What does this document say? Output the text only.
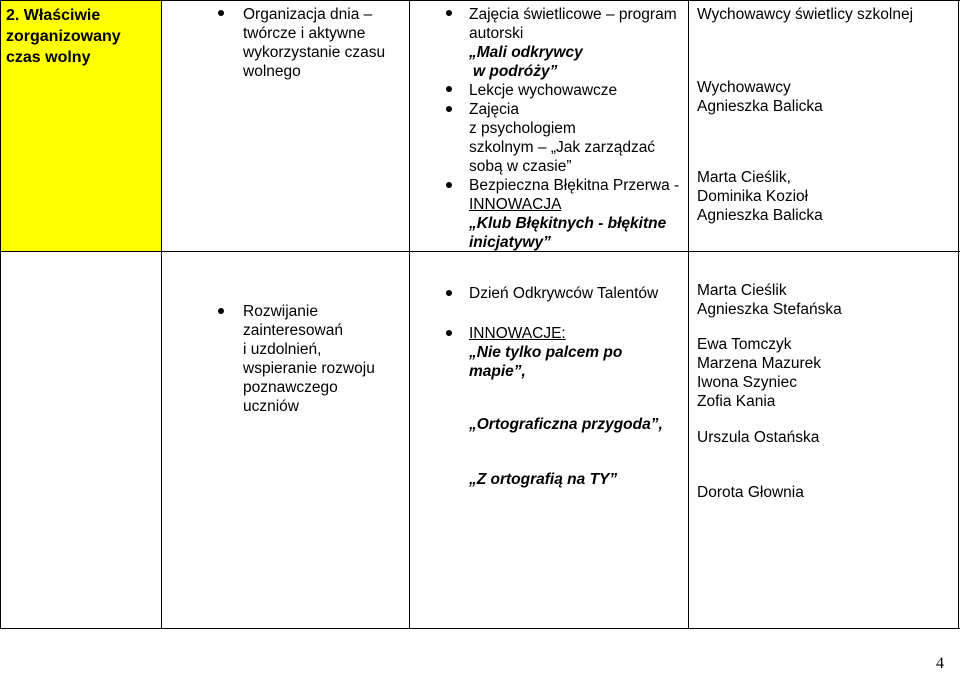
2. Właściwie
zorganizowany
czas wolny
Organizacja dnia –
twórcze i aktywne
wykorzystanie czasu
wolnego
Zajęcia świetlicowe – program
autorski
„Mali odkrywcy
w podróży”
Lekcje wychowawcze
Zajęcia
z psychologiem
szkolnym – „Jak zarządzać
sobą w czasie”
Bezpieczna Błękitna Przerwa -
INNOWACJA
„Klub Błękitnych - błękitne
inicjatywy”
Wychowawcy świetlicy szkolnej
Wychowawcy
Agnieszka Balicka
Marta Cieślik,
Dominika Kozioł
Agnieszka Balicka
Rozwijanie
zainteresowań
i uzdolnień,
wspieranie rozwoju
poznawczego
uczniów
Dzień Odkrywców Talentów
INNOWACJE:
„Nie tylko palcem po
mapie”,
„Ortograficzna przygoda”,
„Z ortografią na TY”
Marta Cieślik
Agnieszka Stefańska
Ewa Tomczyk
Marzena Mazurek
Iwona Szyniec
Zofia Kania
Urszula Ostańska
Dorota Głownia
4
